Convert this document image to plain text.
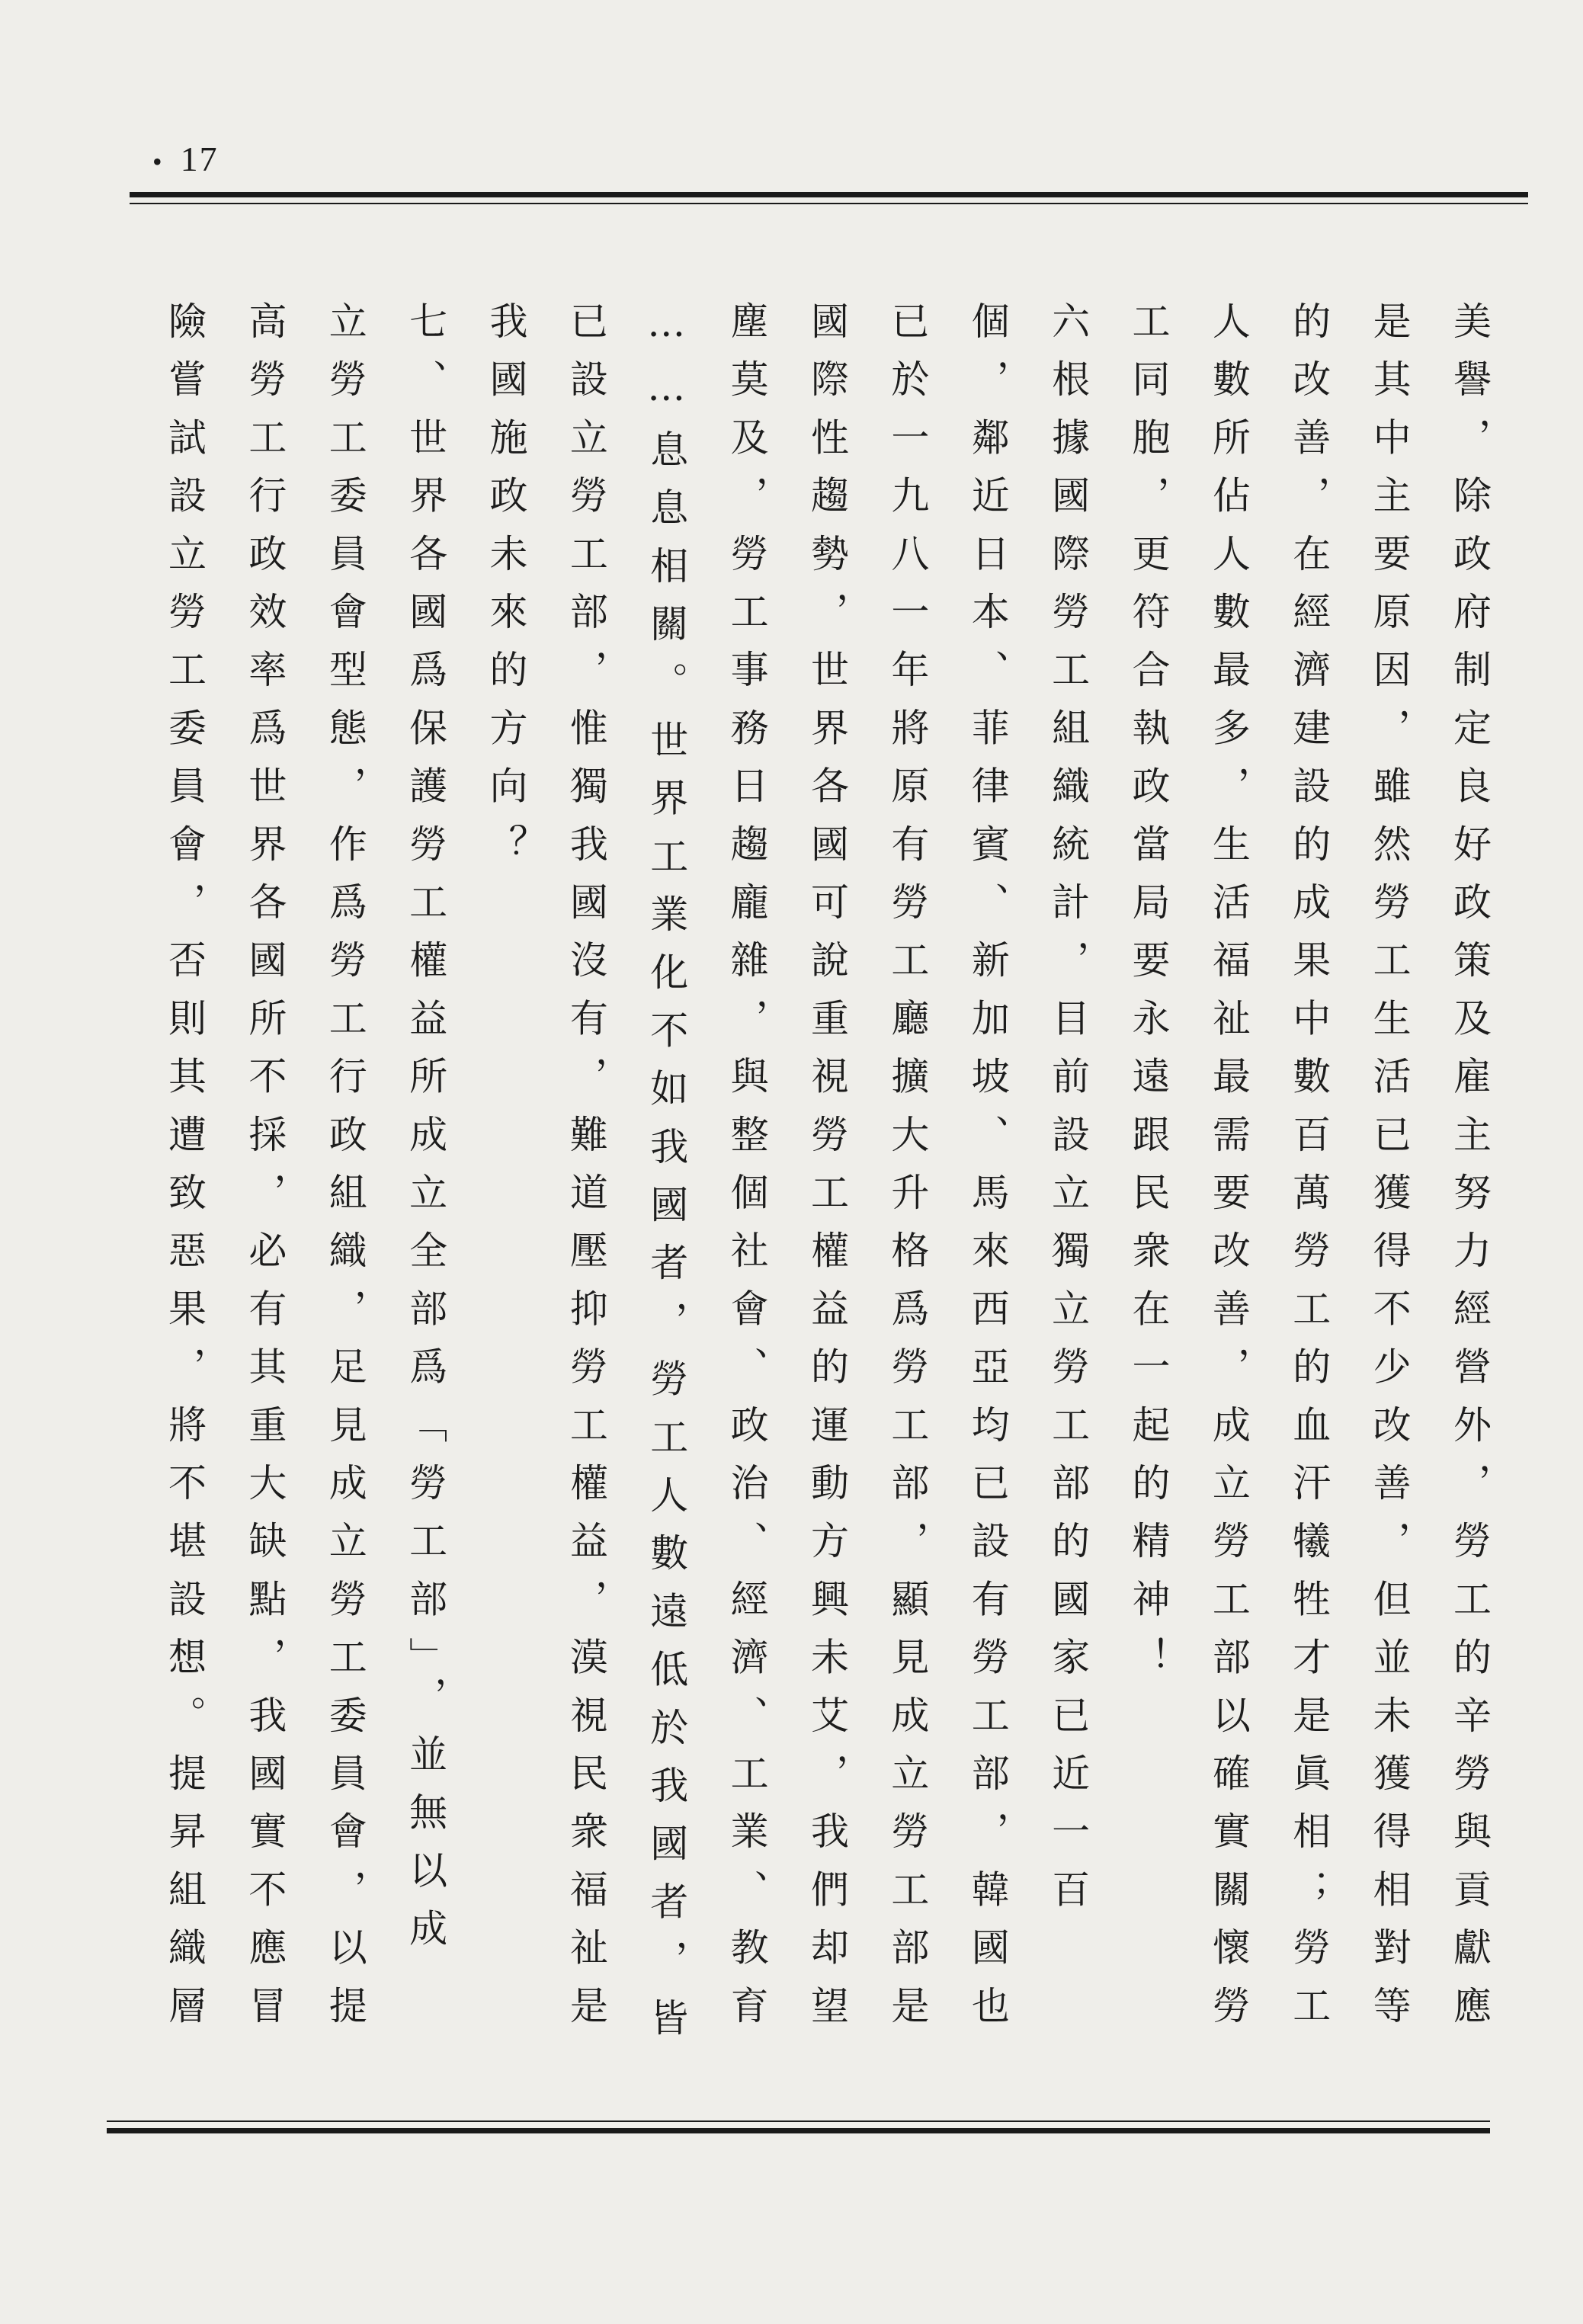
• 17
美譽，除政府制定良好政策及雇主努力經營外，勞工的辛勞與貢獻應
是其中主要原因，雖然勞工生活已獲得不少改善，但並未獲得相對等
的改善，在經濟建設的成果中數百萬勞工的血汗犧牲才是眞相；勞工
人數所佔人數最多，生活福祉最需要改善，成立勞工部以確實關懷勞
工同胞，更符合執政當局要永遠跟民衆在一起的精神！
六根據國際勞工組織統計，目前設立獨立勞工部的國家已近一百
個，鄰近日本、菲律賓、新加坡、馬來西亞均已設有勞工部，韓國也
已於一九八一年將原有勞工廳擴大升格爲勞工部，顯見成立勞工部是
國際性趨勢，世界各國可說重視勞工權益的運動方興未艾，我們却望
塵莫及，勞工事務日趨龐雜，與整個社會、政治、經濟、工業、教育
……息息相關。世界工業化不如我國者，勞工人數遠低於我國者，皆
已設立勞工部，惟獨我國沒有，難道壓抑勞工權益，漠視民衆福祉是
我國施政未來的方向？
七、世界各國爲保護勞工權益所成立全部爲「勞工部」，並無以成
立勞工委員會型態，作爲勞工行政組織，足見成立勞工委員會，以提
高勞工行政效率爲世界各國所不採，必有其重大缺點，我國實不應冒
險嘗試設立勞工委員會，否則其遭致惡果，將不堪設想。提昇組織層
